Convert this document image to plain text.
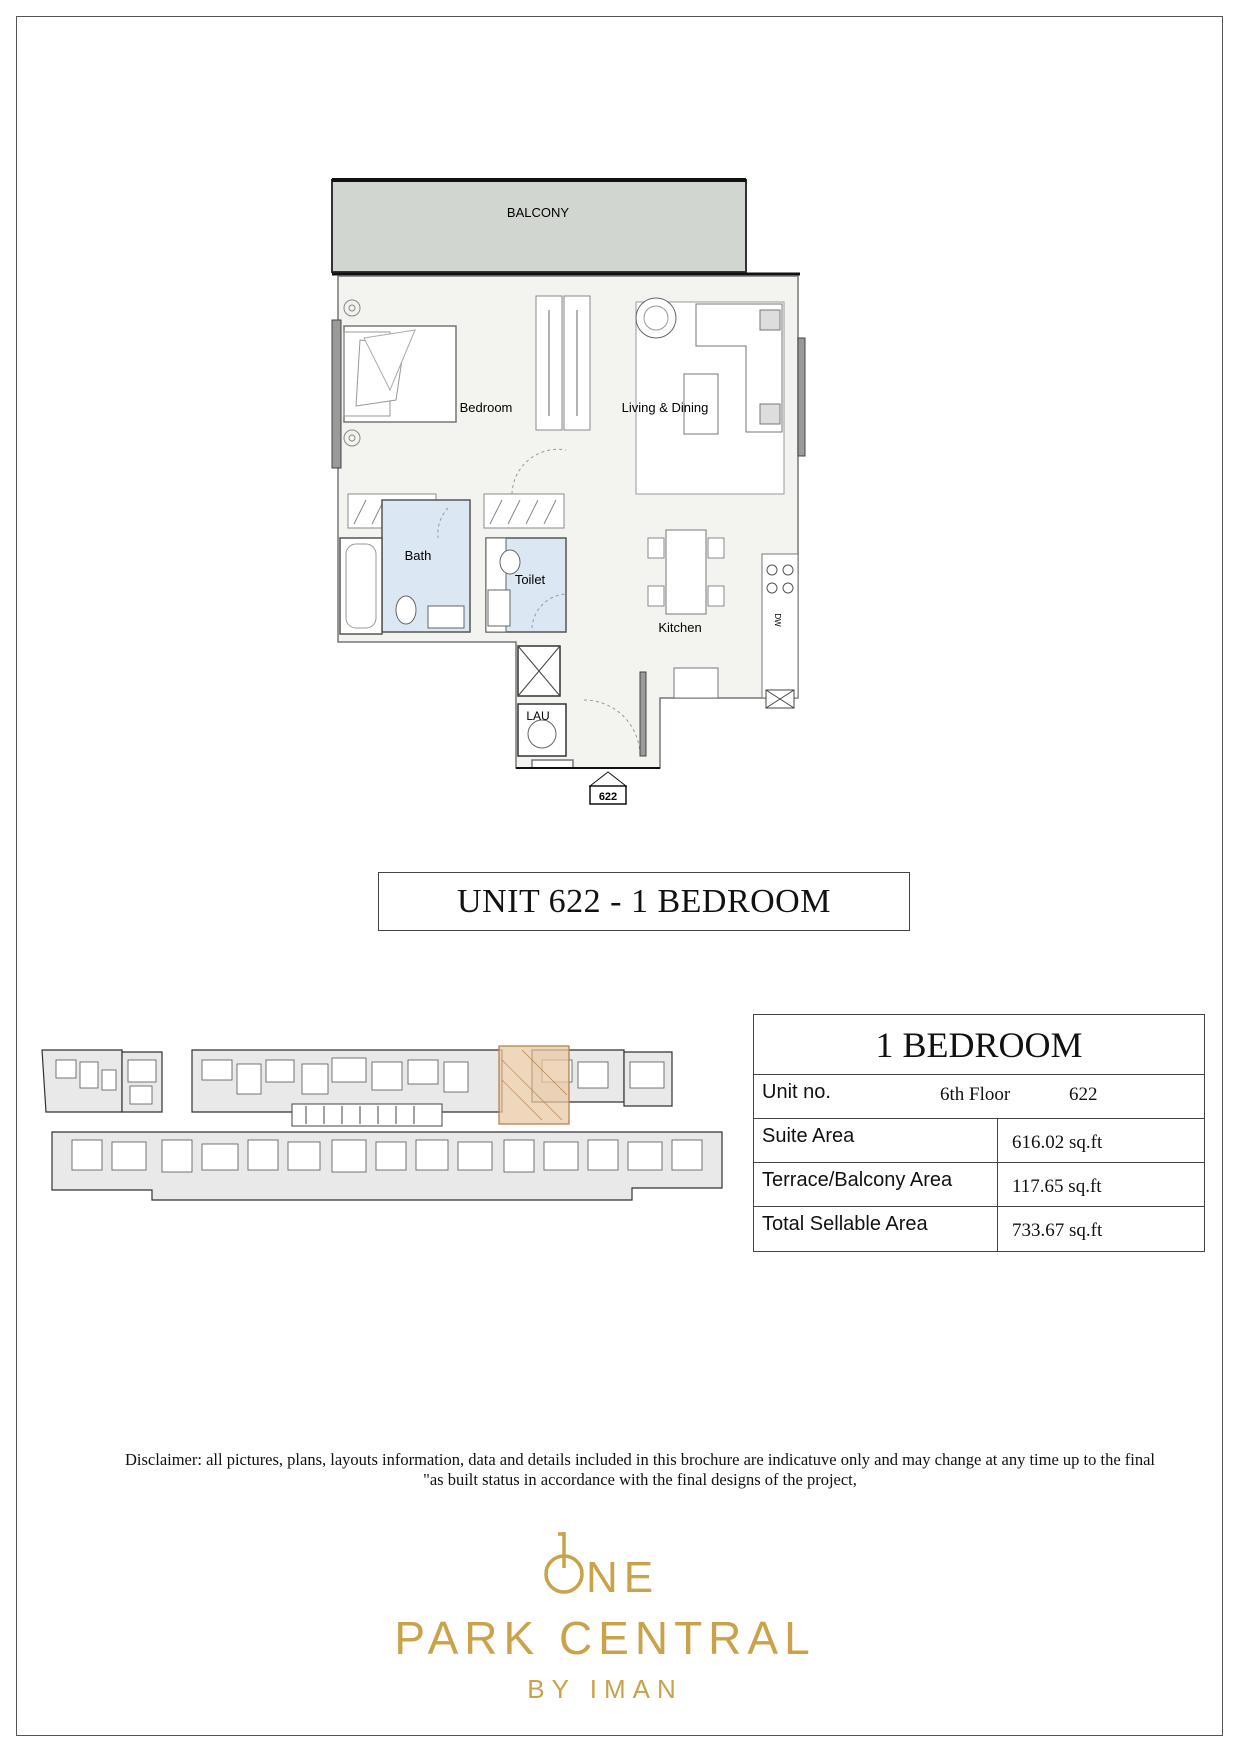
622
BALCONY
Bedroom	Living & Dining
Bath
Toilet
Kitchen
LAU
DW
UNIT 622 - 1 BEDROOM
1 BEDROOM
Unit no.	6th Floor	622
Suite Area	616.02 sq.ft
Terrace/Balcony Area	117.65 sq.ft
Total Sellable Area	733.67 sq.ft
Disclaimer: all pictures, plans, layouts information, data and details included in this brochure are indicatuve only and may change at any time up to the final
"as built status in accordance with the final designs of the project,
NE
PARK CENTRAL
BY IMAN
